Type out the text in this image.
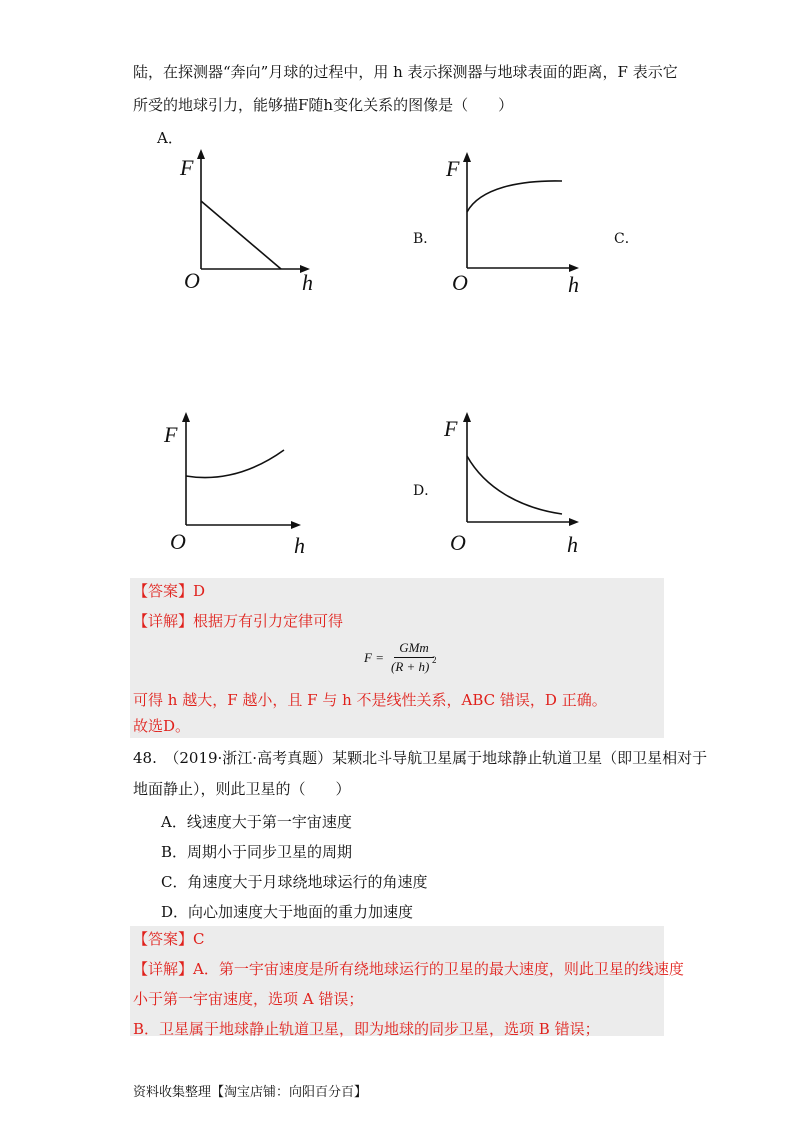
陆，在探测器“奔向”月球的过程中，用 h 表示探测器与地球表面的距离，F 表示它
所受的地球引力，能够描F随h变化关系的图像是（　　）
A．
F
O	h
B．
F
O	h
C．
F
O	h
D．
F
O	h
【答案】D
【详解】根据万有引力定律可得
F =
GMm
(R + h) 2
可得 h 越大，F 越小，且 F 与 h 不是线性关系，ABC 错误，D 正确。
故选D。
48.　（2019·浙江·高考真题）某颗北斗导航卫星属于地球静止轨道卫星（即卫星相对于
地面静止），则此卫星的（　　）
A．线速度大于第一宇宙速度
B．周期小于同步卫星的周期
C．角速度大于月球绕地球运行的角速度
D．向心加速度大于地面的重力加速度
【答案】C
【详解】A．第一宇宙速度是所有绕地球运行的卫星的最大速度，则此卫星的线速度
小于第一宇宙速度，选项 A 错误；
B．卫星属于地球静止轨道卫星，即为地球的同步卫星，选项 B 错误；
资料收集整理【淘宝店铺：向阳百分百】
